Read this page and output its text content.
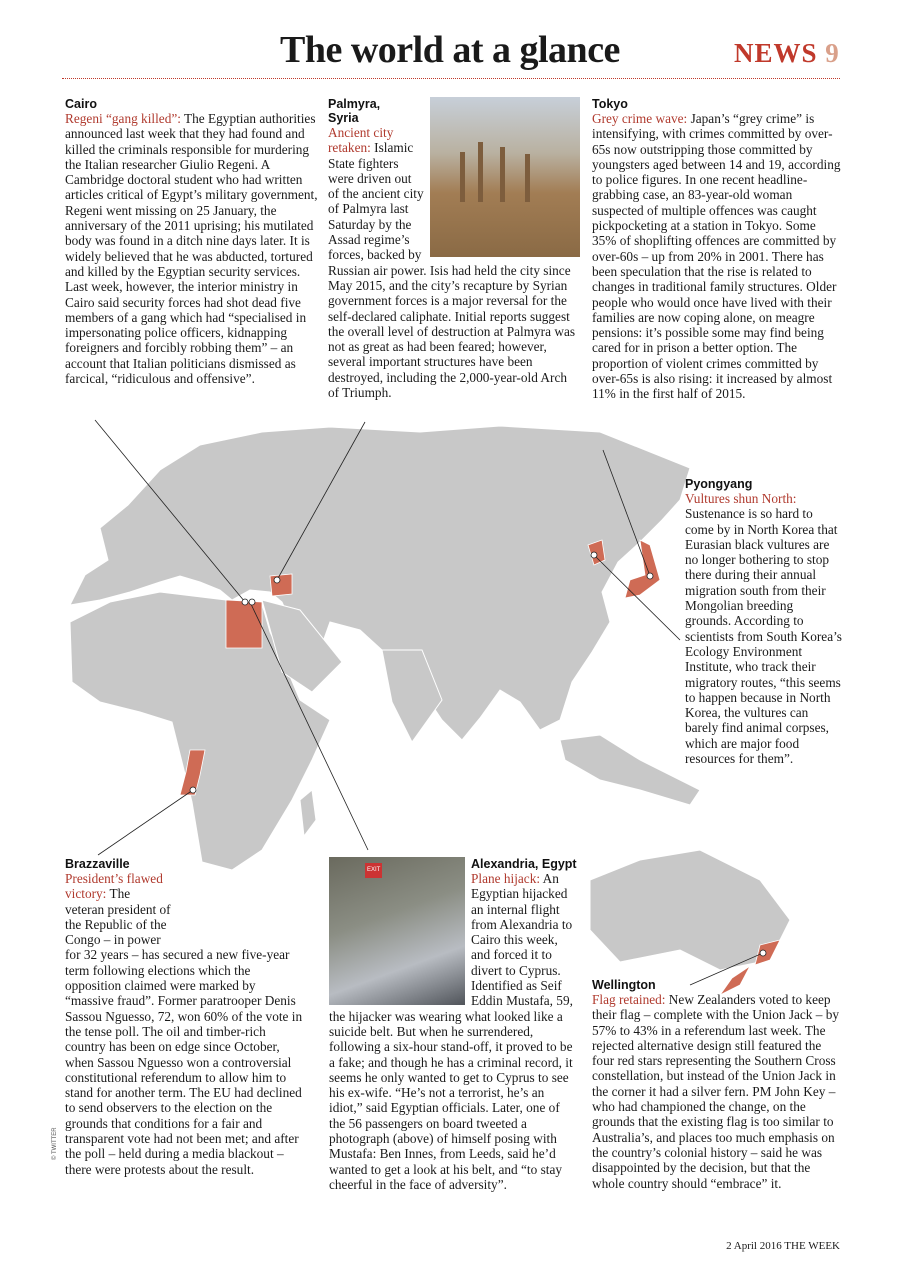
The world at a glance	NEWS 9
Cairo
Regeni “gang killed”: The Egyptian authorities announced last week that they had found and killed the criminals responsible for murdering the Italian researcher Giulio Regeni. A Cambridge doctoral student who had written articles critical of Egypt’s military government, Regeni went missing on 25 January, the anniversary of the 2011 uprising; his mutilated body was found in a ditch nine days later. It is widely believed that he was abducted, tortured and killed by the Egyptian security services. Last week, however, the interior ministry in Cairo said security forces had shot dead five members of a gang which had “specialised in impersonating police officers, kidnapping foreigners and forcibly robbing them” – an account that Italian politicians dismissed as farcical, “ridiculous and offensive”.
Palmyra, Syria
Ancient city retaken: Islamic State fighters were driven out of the ancient city of Palmyra last Saturday by the Assad regime’s forces, backed by Russian air power. Isis had held the city since May 2015, and the city’s recapture by Syrian government forces is a major reversal for the self-declared caliphate. Initial reports suggest the overall level of destruction at Palmyra was not as great as had been feared; however, several important structures have been destroyed, including the 2,000-year-old Arch of Triumph.
Tokyo
Grey crime wave: Japan’s “grey crime” is intensifying, with crimes committed by over-65s now outstripping those committed by youngsters aged between 14 and 19, according to police figures. In one recent headline-grabbing case, an 83-year-old woman suspected of multiple offences was caught pickpocketing at a station in Tokyo. Some 35% of shoplifting offences are committed by over-60s – up from 20% in 2001. There has been speculation that the rise is related to changes in traditional family structures. Older people who would once have lived with their families are now coping alone, on meagre pensions: it’s possible some may find being cared for in prison a better option. The proportion of violent crimes committed by over-65s is also rising: it increased by almost 11% in the first half of 2015.
Pyongyang
Vultures shun North: Sustenance is so hard to come by in North Korea that Eurasian black vultures are no longer bothering to stop there during their annual migration south from their Mongolian breeding grounds. According to scientists from South Korea’s Ecology Environment Institute, who track their migratory routes, “this seems to happen because in North Korea, the vultures can barely find animal corpses, which are major food resources for them”.
Brazzaville
President’s flawed victory: The veteran president of the Republic of the Congo – in power for 32 years – has secured a new five-year term following elections which the opposition claimed were marked by “massive fraud”. Former paratrooper Denis Sassou Nguesso, 72, won 60% of the vote in the tense poll. The oil and timber-rich country has been on edge since October, when Sassou Nguesso won a controversial constitutional referendum to allow him to stand for another term. The EU had declined to send observers to the election on the grounds that conditions for a fair and transparent vote had not been met; and after the poll – held during a media blackout – there were protests about the result.
EXIT	Alexandria, Egypt
Plane hijack: An Egyptian hijacked an internal flight from Alexandria to Cairo this week, and forced it to divert to Cyprus. Identified as Seif Eddin Mustafa, 59, the hijacker was wearing what looked like a suicide belt. But when he surrendered, following a six-hour stand-off, it proved to be a fake; and though he has a criminal record, it seems he only wanted to get to Cyprus to see his ex-wife. “He’s not a terrorist, he’s an idiot,” said Egyptian officials. Later, one of the 56 passengers on board tweeted a photograph (above) of himself posing with Mustafa: Ben Innes, from Leeds, said he’d wanted to get a look at his belt, and “to stay cheerful in the face of adversity”.
Wellington
Flag retained: New Zealanders voted to keep their flag – complete with the Union Jack – by 57% to 43% in a referendum last week. The rejected alternative design still featured the four red stars representing the Southern Cross constellation, but instead of the Union Jack in the corner it had a silver fern. PM John Key – who had championed the change, on the grounds that the existing flag is too similar to Australia’s, and places too much emphasis on the country’s colonial history – said he was disappointed by the decision, but that the whole country should “embrace” it.
© TWITTER
2 April 2016 THE WEEK
